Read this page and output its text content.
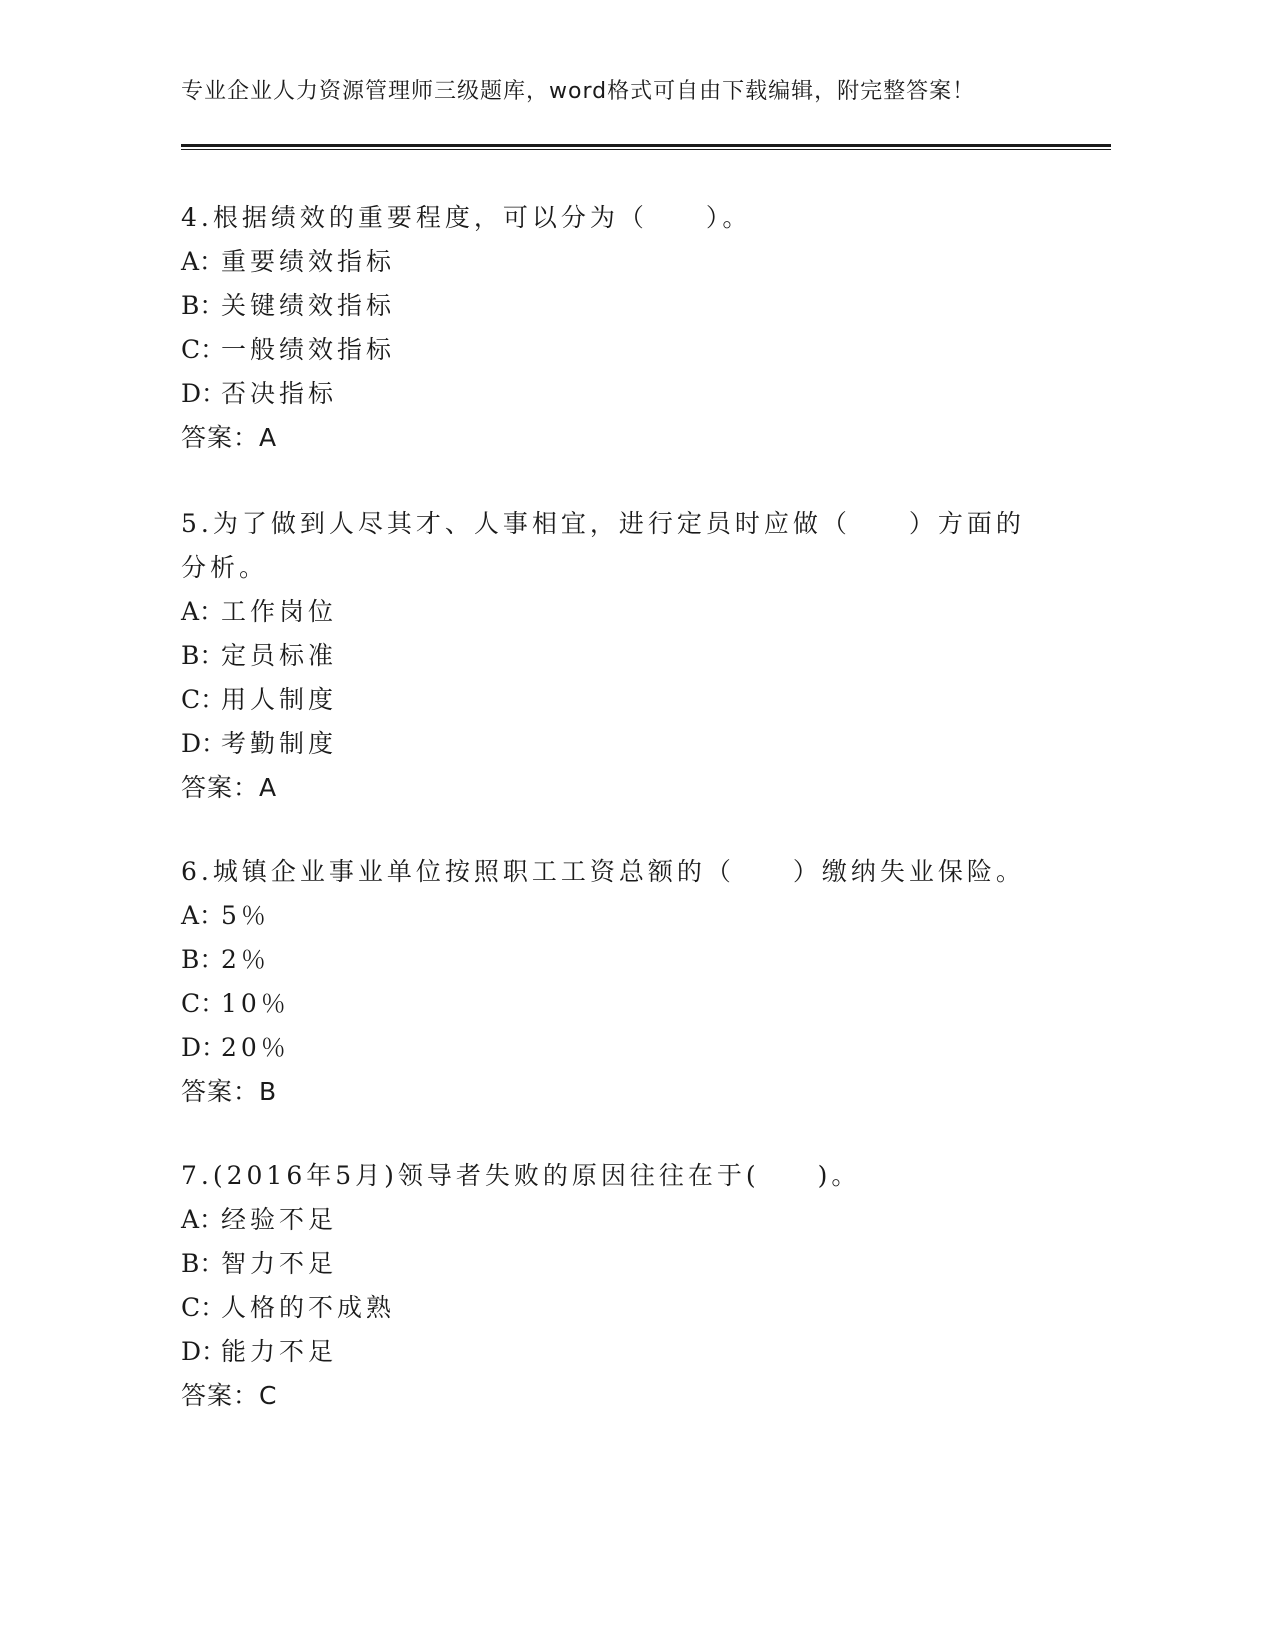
专业企业人力资源管理师三级题库，word格式可自由下载编辑，附完整答案！
4.根据绩效的重要程度，可以分为（　　）。
A：重要绩效指标
B：关键绩效指标
C：一般绩效指标
D：否决指标
答案：A
5.为了做到人尽其才、人事相宜，进行定员时应做（　　）方面的分析。
A：工作岗位
B：定员标准
C：用人制度
D：考勤制度
答案：A
6.城镇企业事业单位按照职工工资总额的（　　）缴纳失业保险。
A：5％
B：2％
C：10％
D：20％
答案：B
7.(2016年5月)领导者失败的原因往往在于(　　)。
A：经验不足
B：智力不足
C：人格的不成熟
D：能力不足
答案：C
